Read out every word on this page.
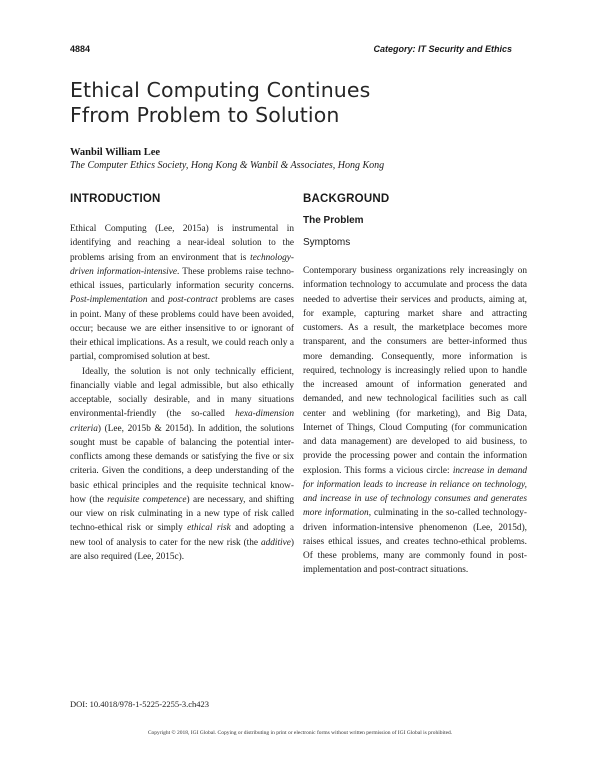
4884	Category: IT Security and Ethics
Ethical Computing Continues
Ffrom Problem to Solution
Wanbil William Lee
The Computer Ethics Society, Hong Kong & Wanbil & Associates, Hong Kong
INTRODUCTION

Ethical Computing (Lee, 2015a) is instrumental in identifying and reaching a near-ideal solution to the problems arising from an environment that is technology-driven information-intensive. These problems raise techno-ethical issues, particularly information security concerns. Post-implementation and post-contract problems are cases in point. Many of these problems could have been avoided, occur; because we are either insensitive to or ignorant of their ethical implications. As a result, we could reach only a partial, compromised solution at best.

Ideally, the solution is not only technically efficient, financially viable and legal admissible, but also ethically acceptable, socially desirable, and in many situations environmental-friendly (the so-called hexa-dimension criteria) (Lee, 2015b & 2015d). In addition, the solutions sought must be capable of balancing the potential inter-conflicts among these demands or satisfying the five or six criteria. Given the conditions, a deep understanding of the basic ethical principles and the requisite technical know-how (the requisite competence) are necessary, and shifting our view on risk culminating in a new type of risk called techno-ethical risk or simply ethical risk and adopting a new tool of analysis to cater for the new risk (the additive) are also required (Lee, 2015c).

BACKGROUND
The Problem
Symptoms

Contemporary business organizations rely increasingly on information technology to accumulate and process the data needed to advertise their services and products, aiming at, for example, capturing market share and attracting customers. As a result, the marketplace becomes more transparent, and the consumers are better-informed thus more demanding. Consequently, more information is required, technology is increasingly relied upon to handle the increased amount of information generated and demanded, and new technological facilities such as call center and weblining (for marketing), and Big Data, Internet of Things, Cloud Computing (for communication and data management) are developed to aid business, to provide the processing power and contain the information explosion. This forms a vicious circle: increase in demand for information leads to increase in reliance on technology, and increase in use of technology consumes and generates more information, culminating in the so-called technology-driven information-intensive phenomenon (Lee, 2015d), raises ethical issues, and creates techno-ethical problems. Of these problems, many are commonly found in post-implementation and post-contract situations.

DOI: 10.4018/978-1-5225-2255-3.ch423
Copyright © 2018, IGI Global. Copying or distributing in print or electronic forms without written permission of IGI Global is prohibited.
